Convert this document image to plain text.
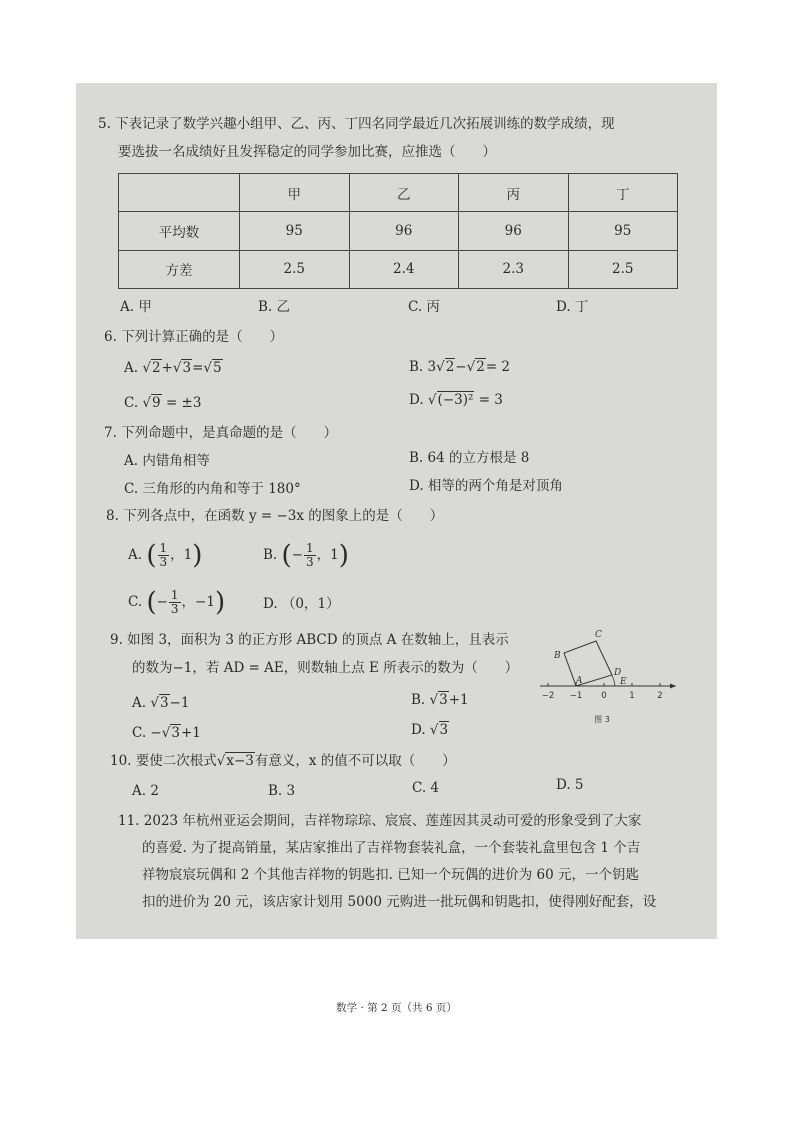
数学 · 第 2 页（共 6 页）
5. 下表记录了数学兴趣小组甲、乙、丙、丁四名同学最近几次拓展训练的数学成绩，现
要选拔一名成绩好且发挥稳定的同学参加比赛，应推选（　　）
	甲	乙	丙	丁
平均数	95	96	96	95
方差	2.5	2.4	2.3	2.5
A. 甲	B. 乙	C. 丙	D. 丁
6. 下列计算正确的是（　　）
A. √2+√3=√5	B. 3√2−√2= 2
C. √9 = ±3	D. √(−3)² = 3
7. 下列命题中，是真命题的是（　　）
A. 内错角相等	B. 64 的立方根是 8
C. 三角形的内角和等于 180°	D. 相等的两个角是对顶角
8. 下列各点中，在函数 y = −3x 的图象上的是（　　）
A. ( $\frac{1}{3}$ ，1)	B. (− $\frac{1}{3}$ ，1)
C. (− $\frac{1}{3}$ ，−1)	D. （0，1）
9. 如图 3，面积为 3 的正方形 ABCD 的顶点 A 在数轴上，且表示
的数为−1，若 AD = AE，则数轴上点 E 所表示的数为（　　）
A. √3−1	B. √3+1
C. −√3+1	D. √3
A
B
C
D
E
−2 −1 0	1	2
图 3
10. 要使二次根式√x−3有意义，x 的值不可以取（　　）
A. 2	B. 3	C. 4	D. 5
11. 2023 年杭州亚运会期间，吉祥物琮琮、宸宸、莲莲因其灵动可爱的形象受到了大家
的喜爱. 为了提高销量，某店家推出了吉祥物套装礼盒，一个套装礼盒里包含 1 个吉
祥物宸宸玩偶和 2 个其他吉祥物的钥匙扣. 已知一个玩偶的进价为 60 元，一个钥匙
扣的进价为 20 元，该店家计划用 5000 元购进一批玩偶和钥匙扣，使得刚好配套，设
